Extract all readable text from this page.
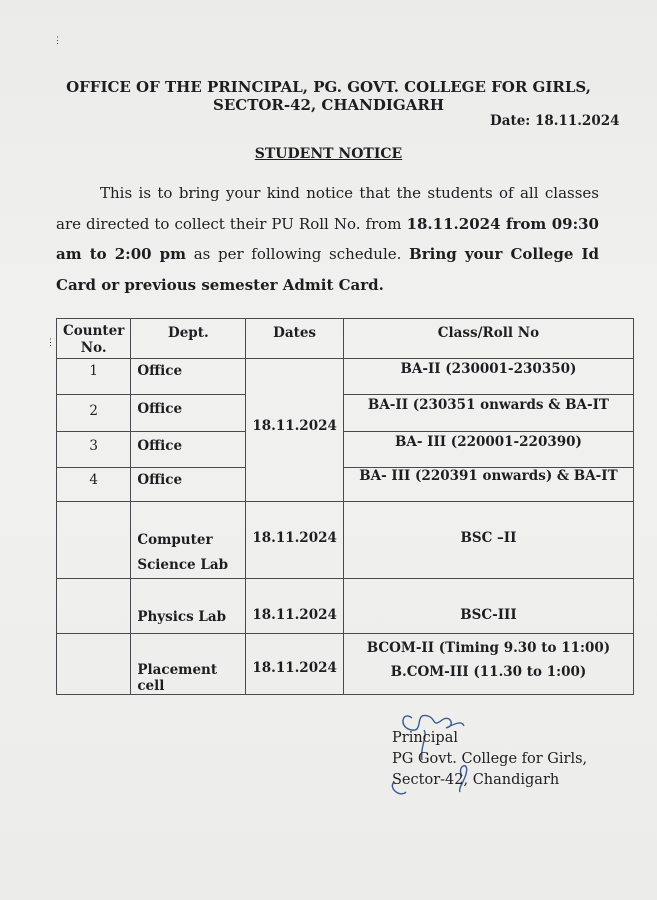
⋮
⋮
⋮
OFFICE OF THE PRINCIPAL, PG. GOVT. COLLEGE FOR GIRLS,
SECTOR-42, CHANDIGARH
Date: 18.11.2024
STUDENT NOTICE
This is to bring your kind notice that the students of all classes are directed to collect their PU Roll No. from 18.11.2024 from 09:30 am to 2:00 pm as per following schedule. Bring your College Id Card or previous semester Admit Card.
Counter No.	Dept.	Dates	Class/Roll No
1	Office	18.11.2024	BA-II (230001-230350)
2	Office		BA-II (230351 onwards & BA-IT
3	Office		BA- III (220001-220390)
4	Office		BA- III (220391 onwards) & BA-IT
	Computer Science Lab	18.11.2024	BSC –II
	Physics Lab	18.11.2024	BSC-III
	Placement cell	18.11.2024	BCOM-II (Timing 9.30 to 11:00)
B.COM-III (11.30 to 1:00)
Principal
PG Govt. College for Girls,
Sector-42, Chandigarh
